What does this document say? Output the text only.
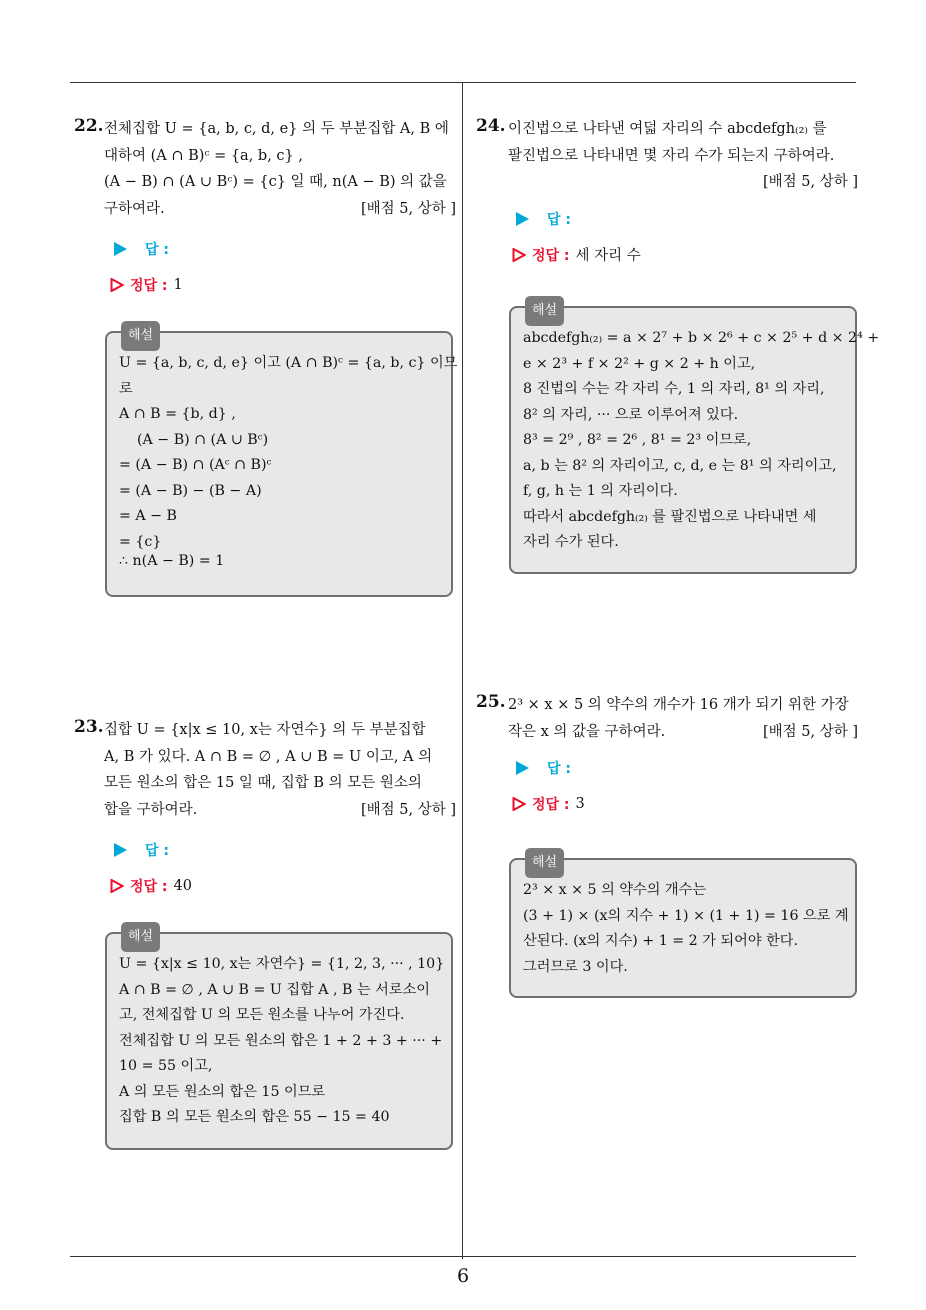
22. 전체집합 U = {a, b, c, d, e} 의 두 부분집합 A, B 에
대하여 (A ∩ B)ᶜ = {a, b, c} ,
(A − B) ∩ (A ∪ Bᶜ) = {c} 일 때, n(A − B) 의 값을
구하여라.	[배점 5, 상하 ]
답 :
정답 : 1
해설
U = {a, b, c, d, e} 이고 (A ∩ B)ᶜ = {a, b, c} 이므
로
A ∩ B = {b, d} ,
(A − B) ∩ (A ∪ Bᶜ)
= (A − B) ∩ (Aᶜ ∩ B)ᶜ
= (A − B) − (B − A)
= A − B
= {c}
∴ n(A − B) = 1
23. 집합 U = {x|x ≤ 10, x는 자연수} 의 두 부분집합
A, B 가 있다. A ∩ B = ∅ , A ∪ B = U 이고, A 의
모든 원소의 합은 15 일 때, 집합 B 의 모든 원소의
합을 구하여라.	[배점 5, 상하 ]
답 :
정답 : 40
해설
U = {x|x ≤ 10, x는 자연수} = {1, 2, 3, ··· , 10}
A ∩ B = ∅ , A ∪ B = U 집합 A , B 는 서로소이
고, 전체집합 U 의 모든 원소를 나누어 가진다.
전체집합 U 의 모든 원소의 합은 1 + 2 + 3 + ··· +
10 = 55 이고,
A 의 모든 원소의 합은 15 이므로
집합 B 의 모든 원소의 합은 55 − 15 = 40
24. 이진법으로 나타낸 여덟 자리의 수 abcdefgh₍₂₎ 를
팔진법으로 나타내면 몇 자리 수가 되는지 구하여라.
[배점 5, 상하 ]

답 :
정답 : 세 자리 수
해설
abcdefgh₍₂₎ = a × 2⁷ + b × 2⁶ + c × 2⁵ + d × 2⁴ +
e × 2³ + f × 2² + g × 2 + h 이고,
8 진법의 수는 각 자리 수, 1 의 자리, 8¹ 의 자리,
8² 의 자리, ··· 으로 이루어져 있다.
8³ = 2⁹ , 8² = 2⁶ , 8¹ = 2³ 이므로,
a, b 는 8² 의 자리이고, c, d, e 는 8¹ 의 자리이고,
f, g, h 는 1 의 자리이다.
따라서 abcdefgh₍₂₎ 를 팔진법으로 나타내면 세
자리 수가 된다.
25. 2³ × x × 5 의 약수의 개수가 16 개가 되기 위한 가장
작은 x 의 값을 구하여라.	[배점 5, 상하 ]
답 :
정답 : 3
해설
2³ × x × 5 의 약수의 개수는
(3 + 1) × (x의 지수 + 1) × (1 + 1) = 16 으로 계
산된다. (x의 지수) + 1 = 2 가 되어야 한다.
그러므로 3 이다.
6
